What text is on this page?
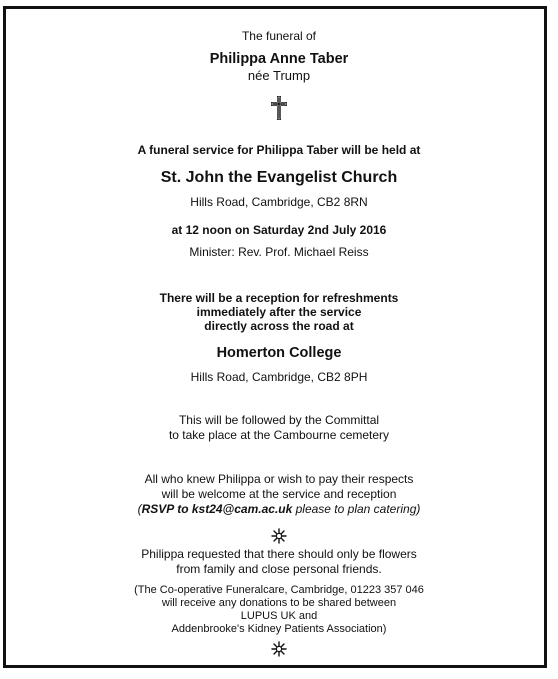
The funeral of
Philippa Anne Taber
née Trump
A funeral service for Philippa Taber will be held at
St. John the Evangelist Church
Hills Road, Cambridge, CB2 8RN
at 12 noon on Saturday 2nd July 2016
Minister: Rev. Prof. Michael Reiss
There will be a reception for refreshments
immediately after the service
directly across the road at
Homerton College
Hills Road, Cambridge, CB2 8PH
This will be followed by the Committal
to take place at the Cambourne cemetery
All who knew Philippa or wish to pay their respects
will be welcome at the service and reception
(RSVP to kst24@cam.ac.uk please to plan catering)
Philippa requested that there should only be flowers
from family and close personal friends.
(The Co-operative Funeralcare, Cambridge, 01223 357 046
will receive any donations to be shared between
LUPUS UK and
Addenbrooke's Kidney Patients Association)
